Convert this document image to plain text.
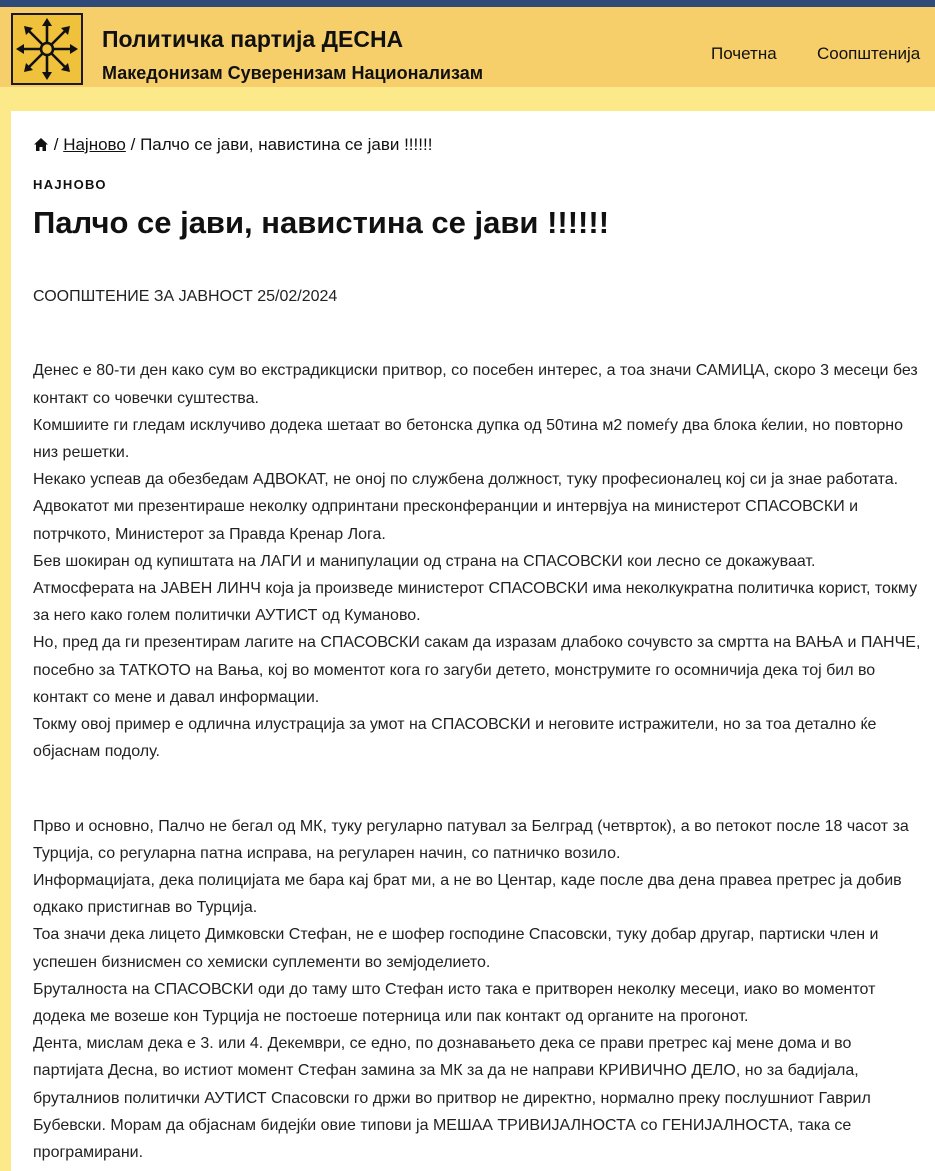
Политичка партија ДЕСНА
Македонизам Суверенизам Национализам
Почетна Соопштенија
/ Најново / Палчо се јави, навистина се јави !!!!!!
НАЈНОВО
Палчо се јави, навистина се јави !!!!!!

СООПШТЕНИЕ ЗА ЈАВНОСТ 25/02/2024

Денес е 80-ти ден како сум во екстрадикциски притвор, со посебен интерес, а тоа значи САМИЦА, скоро 3 месеци без контакт со човечки суштества.

Комшиите ги гледам исклучиво додека шетаат во бетонска дупка од 50тина м2 помеѓу два блока ќелии, но повторно низ решетки.

Некако успеав да обезбедам АДВОКАТ, не оној по службена должност, туку професионалец кој си ја знае работата.

Адвокатот ми презентираше неколку одпринтани пресконферанции и интервјуа на министерот СПАСОВСКИ и потрчкото, Министерот за Правда Кренар Лога.

Бев шокиран од купиштата на ЛАГИ и манипулации од страна на СПАСОВСКИ кои лесно се докажуваат.

Атмосферата на ЈАВЕН ЛИНЧ која ја произведе министерот СПАСОВСКИ има неколкукратна политичка корист, токму за него како голем политички АУТИСТ од Куманово.

Но, пред да ги презентирам лагите на СПАСОВСКИ сакам да изразам длабоко сочувсто за смртта на ВАЊА и ПАНЧЕ, посебно за ТАТКОТО на Вања, кој во моментот кога го загуби детето, монструмите го осомничија дека тој бил во контакт со мене и давал информации.

Токму овој пример е одлична илустрација за умот на СПАСОВСКИ и неговите истражители, но за тоа детално ќе објаснам подолу.

Прво и основно, Палчо не бегал од МК, туку регуларно патувал за Белград (четврток), а во петокот после 18 часот за Турција, со регуларна патна исправа, на регуларен начин, со патничко возило.

Информацијата, дека полицијата ме бара кај брат ми, а не во Центар, каде после два дена правеа претрес ја добив одкако пристигнав во Турција.

Тоа значи дека лицето Димковски Стефан, не е шофер господине Спасовски, туку добар другар, партиски член и успешен бизнисмен со хемиски суплементи во земјоделието.

Бруталноста на СПАСОВСКИ оди до таму што Стефан исто така е притворен неколку месеци, иако во моментот додека ме возеше кон Турција не постоеше потерница или пак контакт од органите на прогонот.

Дента, мислам дека е 3. или 4. Декември, се едно, по дознавањето дека се прави претрес кај мене дома и во партијата Десна, во истиот момент Стефан замина за МК за да не направи КРИВИЧНО ДЕЛО, но за бадијала, бруталниов политички АУТИСТ Спасовски го држи во притвор не директно, нормално преку послушниот Гаврил Бубевски. Морам да објаснам бидејќи овие типови ја МЕШАА ТРИВИЈАЛНОСТА со ГЕНИЈАЛНОСТА, така се програмирани.
